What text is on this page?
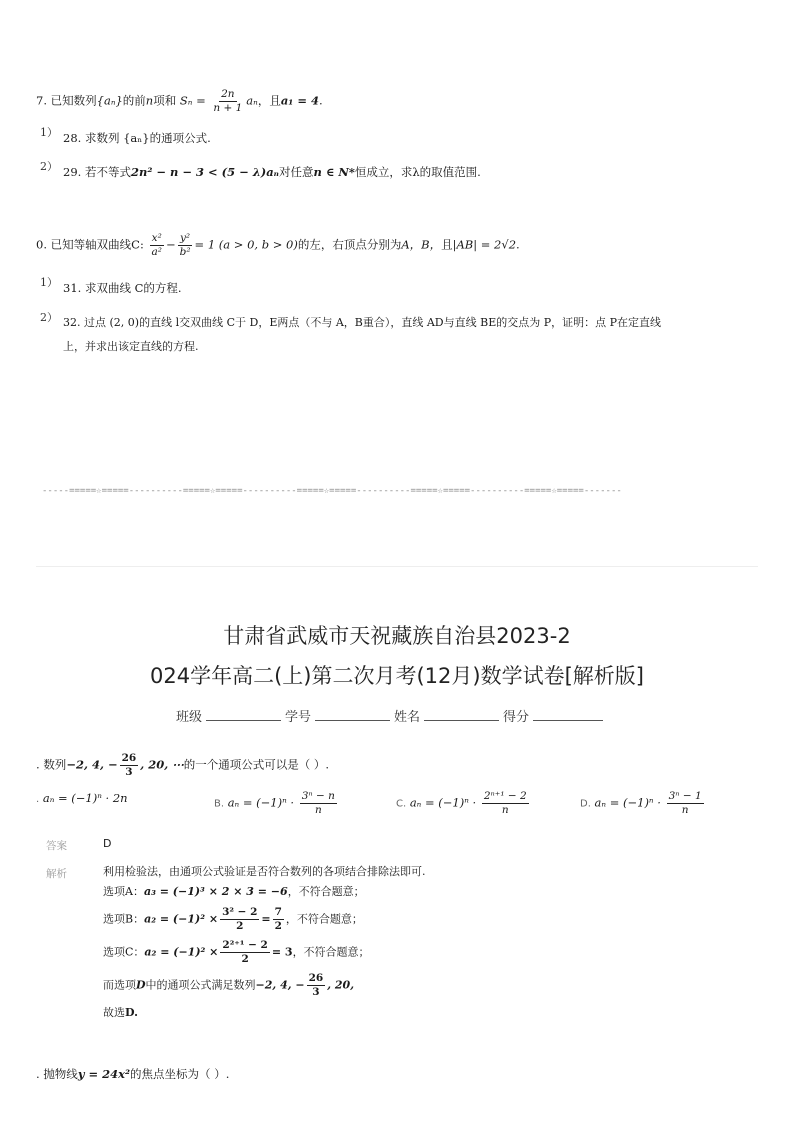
7. 已知数列{aₙ}的前n项和 $S_n = \frac{2n}{n + 1}$ aₙ，且a₁ = 4.
1） 28. 求数列 {aₙ}的通项公式.
2） 29. 若不等式2n² − n − 3 < (5 − λ)aₙ对任意n ∈ N*恒成立，求λ的取值范围.
0. 已知等轴双曲线C: $\frac{\text{x²}}{\text{a²}} - \frac{\text{y²}}{\text{b²}} = 1$ (a > 0, b > 0)的左，右顶点分别为A，B，且|AB| = 2√2.
1） 31. 求双曲线 C的方程.
2） 32. 过点 (2, 0)的直线 l交双曲线 C于 D，E两点（不与 A，B重合），直线 AD与直线 BE的交点为 P，证明：点 P在定直线
上，并求出该定直线的方程.
-----=====☆=====----------=====☆=====----------=====☆=====----------=====☆=====----------=====☆=====-------
甘肃省武威市天祝藏族自治县2023-2
024学年高二(上)第二次月考(12月)数学试卷[解析版]
班级	学号	姓名	得分
. 数列−2, 4, − $\frac{26}{3}$ , 20, ⋯的一个通项公式可以是（ ）.
. aₙ = (−1)ⁿ · 2n	B. $a_n = (-1)^n \cdot \frac{\text{3ⁿ − n}}{n}$	C. $a_n = (-1)^n \cdot \frac{\text{2ⁿ⁺¹ − 2}}{n}$	D. $a_n = (-1)^n \cdot \frac{\text{3ⁿ − 1}}{n}$
答案	D
解析	利用检验法，由通项公式验证是否符合数列的各项结合排除法即可.
选项A：a₃ = (−1)³ × 2 × 3 = −6，不符合题意；
选项B：$a_2 = (-1)^2 \times \frac{\text{3² − 2}}{2} = \frac{7}{2}$ ，不符合题意；
选项C：$a_2 = (-1)^2 \times \frac{\text{2²⁺¹ − 2}}{2} = 3$，不符合题意；
而选项D中的通项公式满足数列−2, 4, − $\frac{26}{3}$ , 20,
故选D.
. 抛物线y = 24x²的焦点坐标为（ ）.
